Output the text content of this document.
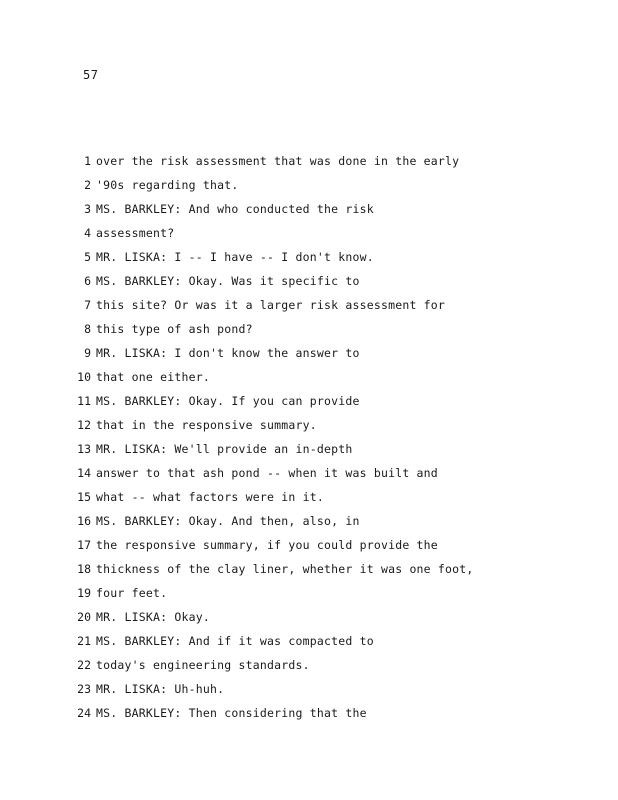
57
1 over the risk assessment that was done in the early
2 '90s regarding that.
3 MS. BARKLEY: And who conducted the risk
4 assessment?
5 MR. LISKA: I -- I have -- I don't know.
6 MS. BARKLEY: Okay. Was it specific to
7 this site? Or was it a larger risk assessment for
8 this type of ash pond?
9 MR. LISKA: I don't know the answer to
10 that one either.
11 MS. BARKLEY: Okay. If you can provide
12 that in the responsive summary.
13 MR. LISKA: We'll provide an in-depth
14 answer to that ash pond -- when it was built and
15 what -- what factors were in it.
16 MS. BARKLEY: Okay. And then, also, in
17 the responsive summary, if you could provide the
18 thickness of the clay liner, whether it was one foot,
19 four feet.
20 MR. LISKA: Okay.
21 MS. BARKLEY: And if it was compacted to
22 today's engineering standards.
23 MR. LISKA: Uh-huh.
24 MS. BARKLEY: Then considering that the
